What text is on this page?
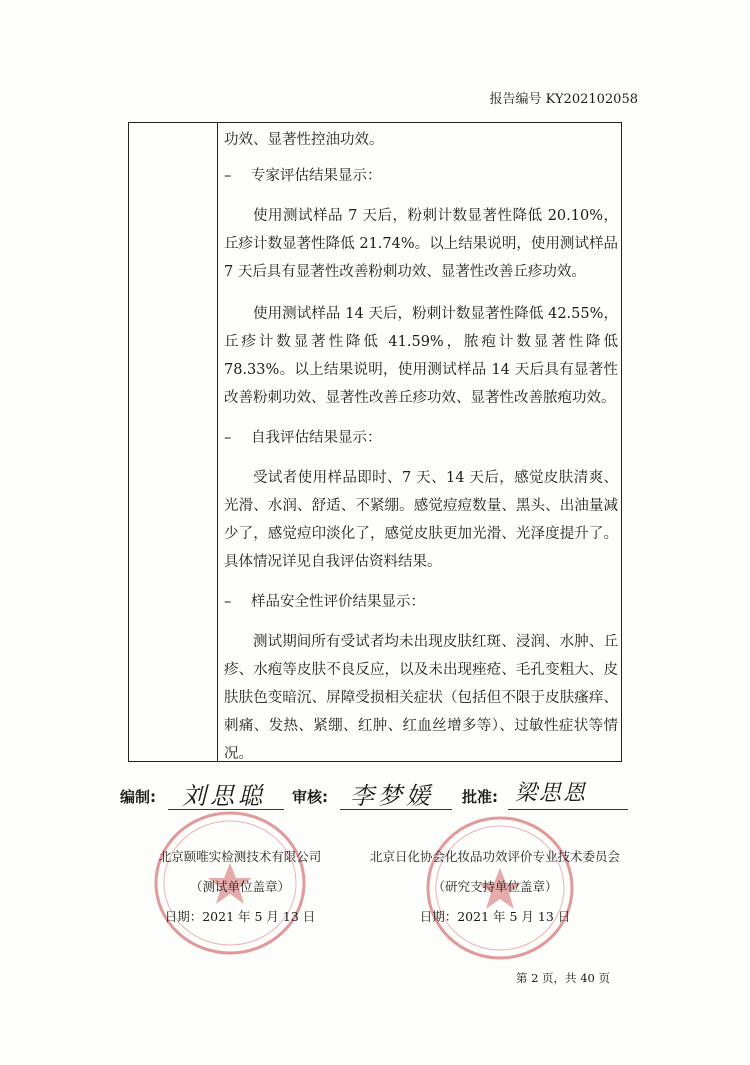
报告编号 KY202102058

功效、显著性控油功效。

–	专家评估结果显示：

使用测试样品 7 天后，粉刺计数显著性降低 20.10%，丘疹计数显著性降低 21.74%。以上结果说明，使用测试样品 7 天后具有显著性改善粉刺功效、显著性改善丘疹功效。

使用测试样品 14 天后，粉刺计数显著性降低 42.55%，丘疹计数显著性降低 41.59%，脓疱计数显著性降低 78.33%。以上结果说明，使用测试样品 14 天后具有显著性改善粉刺功效、显著性改善丘疹功效、显著性改善脓疱功效。

–	自我评估结果显示：

受试者使用样品即时、7 天、14 天后，感觉皮肤清爽、光滑、水润、舒适、不紧绷。感觉痘痘数量、黑头、出油量减少了，感觉痘印淡化了，感觉皮肤更加光滑、光泽度提升了。具体情况详见自我评估资料结果。

–	样品安全性评价结果显示：

测试期间所有受试者均未出现皮肤红斑、浸润、水肿、丘疹、水疱等皮肤不良反应，以及未出现痤疮、毛孔变粗大、皮肤肤色变暗沉、屏障受损相关症状（包括但不限于皮肤瘙痒、刺痛、发热、紧绷、红肿、红血丝增多等）、过敏性症状等情况。

编制: 刘思聪 审核: 李梦媛 批准: 梁思恩
北京颐唯实检测技术有限公司
（测试单位盖章）
日期：2021 年 5 月 13 日
北京日化协会化妆品功效评价专业技术委员会
（研究支持单位盖章）
日期：2021 年 5 月 13 日
第 2 页，共 40 页
